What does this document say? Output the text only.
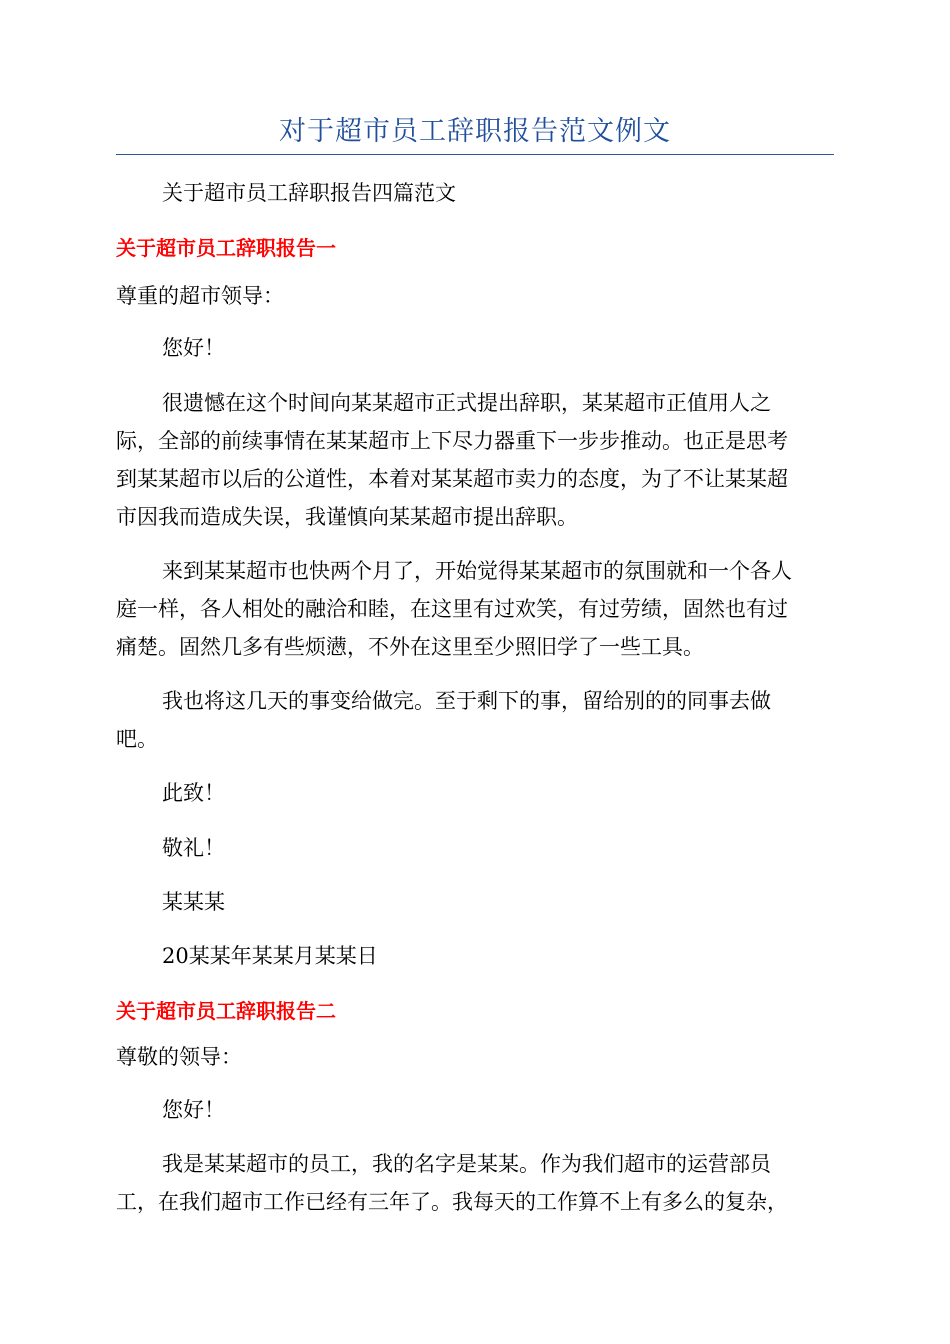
对于超市员工辞职报告范文例文
关于超市员工辞职报告四篇范文
关于超市员工辞职报告一
尊重的超市领导：
您好！
很遗憾在这个时间向某某超市正式提出辞职，某某超市正值用人之
际，全部的前续事情在某某超市上下尽力器重下一步步推动。也正是思考
到某某超市以后的公道性，本着对某某超市卖力的态度，为了不让某某超
市因我而造成失误，我谨慎向某某超市提出辞职。
来到某某超市也快两个月了，开始觉得某某超市的氛围就和一个各人
庭一样，各人相处的融洽和睦，在这里有过欢笑，有过劳绩，固然也有过
痛楚。固然几多有些烦懑，不外在这里至少照旧学了一些工具。
我也将这几天的事变给做完。至于剩下的事，留给别的的同事去做
吧。
此致！
敬礼！
某某某
20某某年某某月某某日
关于超市员工辞职报告二
尊敬的领导：
您好！
我是某某超市的员工，我的名字是某某。作为我们超市的运营部员
工，在我们超市工作已经有三年了。我每天的工作算不上有多么的复杂，
